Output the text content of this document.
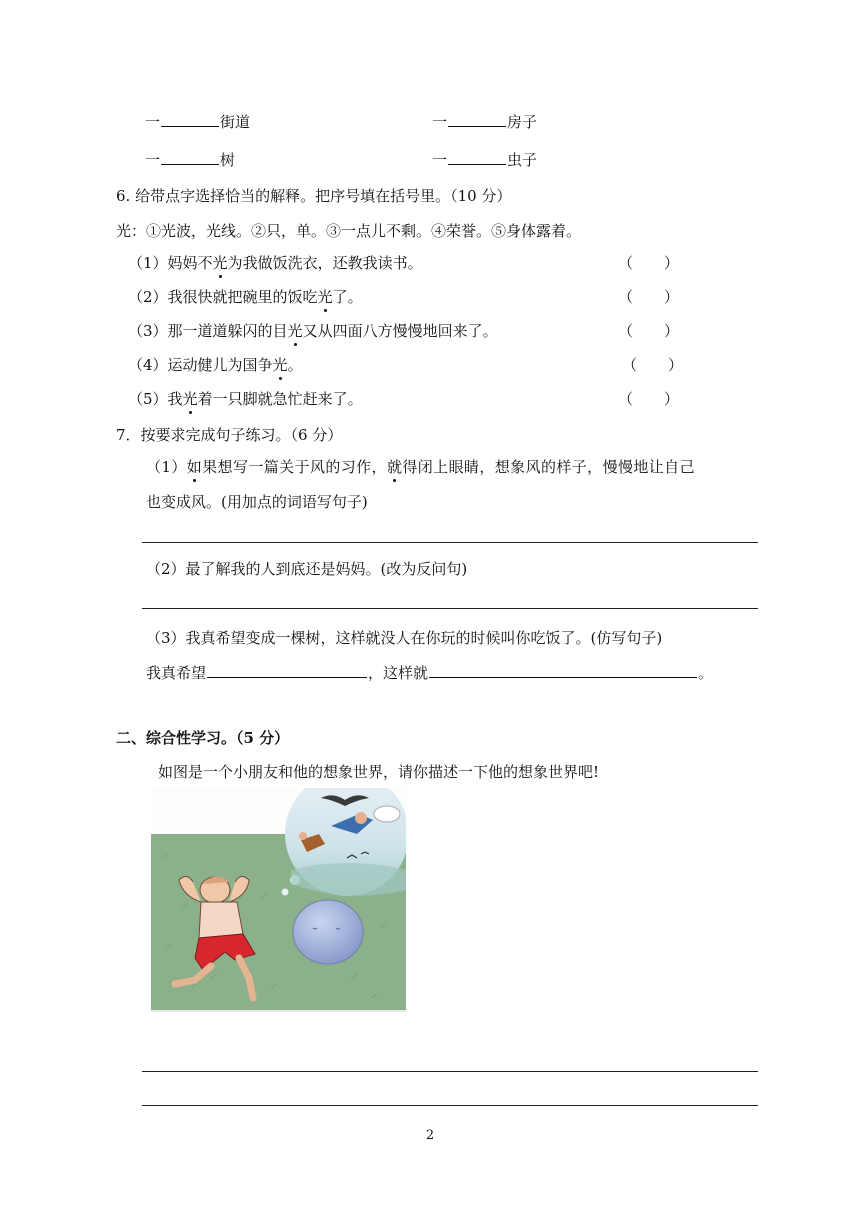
一	街道	一	房子
一	树	一	虫子
6. 给带点字选择恰当的解释。把序号填在括号里。（10 分）
光：①光波，光线。②只，单。③一点儿不剩。④荣誉。⑤身体露着。
（1）妈妈不光为我做饭洗衣，还教我读书。	（ ）
（2）我很快就把碗里的饭吃光了。	（ ）
（3）那一道道躲闪的目光又从四面八方慢慢地回来了。	（ ）
（4）运动健儿为国争光。	（ ）
（5）我光着一只脚就急忙赶来了。	（ ）
7．按要求完成句子练习。（6 分）
（1）如果想写一篇关于风的习作，就得闭上眼睛，想象风的样子，慢慢地让自己
也变成风。(用加点的词语写句子)
（2）最了解我的人到底还是妈妈。(改为反问句)
（3）我真希望变成一棵树，这样就没人在你玩的时候叫你吃饭了。(仿写句子)
我真希望	，这样就	。
二、综合性学习。（5 分）
如图是一个小朋友和他的想象世界，请你描述一下他的想象世界吧!
2
